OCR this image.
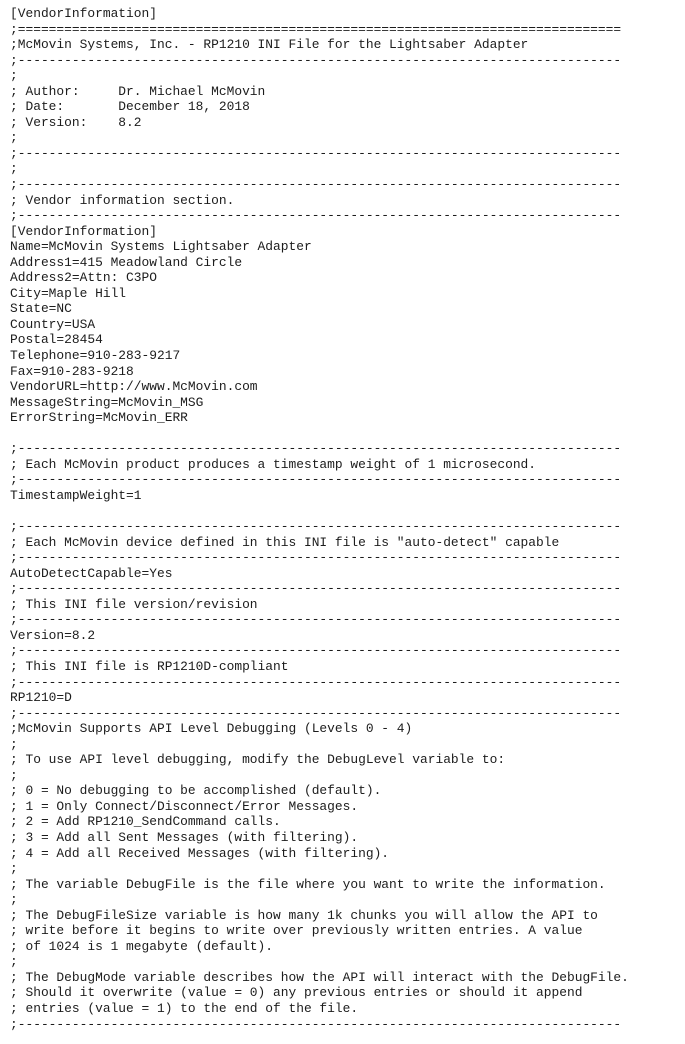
[VendorInformation]
;==============================================================================
;McMovin Systems, Inc. - RP1210 INI File for the Lightsaber Adapter
;------------------------------------------------------------------------------
;
; Author:     Dr. Michael McMovin
; Date:       December 18, 2018
; Version:    8.2
;
;------------------------------------------------------------------------------
;
;------------------------------------------------------------------------------
; Vendor information section.
;------------------------------------------------------------------------------
[VendorInformation]
Name=McMovin Systems Lightsaber Adapter
Address1=415 Meadowland Circle
Address2=Attn: C3PO
City=Maple Hill
State=NC
Country=USA
Postal=28454
Telephone=910-283-9217
Fax=910-283-9218
VendorURL=http://www.McMovin.com
MessageString=McMovin_MSG
ErrorString=McMovin_ERR
;------------------------------------------------------------------------------
; Each McMovin product produces a timestamp weight of 1 microsecond.
;------------------------------------------------------------------------------
TimestampWeight=1
;------------------------------------------------------------------------------
; Each McMovin device defined in this INI file is "auto-detect" capable
;------------------------------------------------------------------------------
AutoDetectCapable=Yes
;------------------------------------------------------------------------------
; This INI file version/revision
;------------------------------------------------------------------------------
Version=8.2
;------------------------------------------------------------------------------
; This INI file is RP1210D-compliant
;------------------------------------------------------------------------------
RP1210=D
;------------------------------------------------------------------------------
;McMovin Supports API Level Debugging (Levels 0 - 4)
;
; To use API level debugging, modify the DebugLevel variable to:
;
; 0 = No debugging to be accomplished (default).
; 1 = Only Connect/Disconnect/Error Messages.
; 2 = Add RP1210_SendCommand calls.
; 3 = Add all Sent Messages (with filtering).
; 4 = Add all Received Messages (with filtering).
;
; The variable DebugFile is the file where you want to write the information.
;
; The DebugFileSize variable is how many 1k chunks you will allow the API to
; write before it begins to write over previously written entries. A value
; of 1024 is 1 megabyte (default).
;
; The DebugMode variable describes how the API will interact with the DebugFile.
; Should it overwrite (value = 0) any previous entries or should it append
; entries (value = 1) to the end of the file.
;------------------------------------------------------------------------------
